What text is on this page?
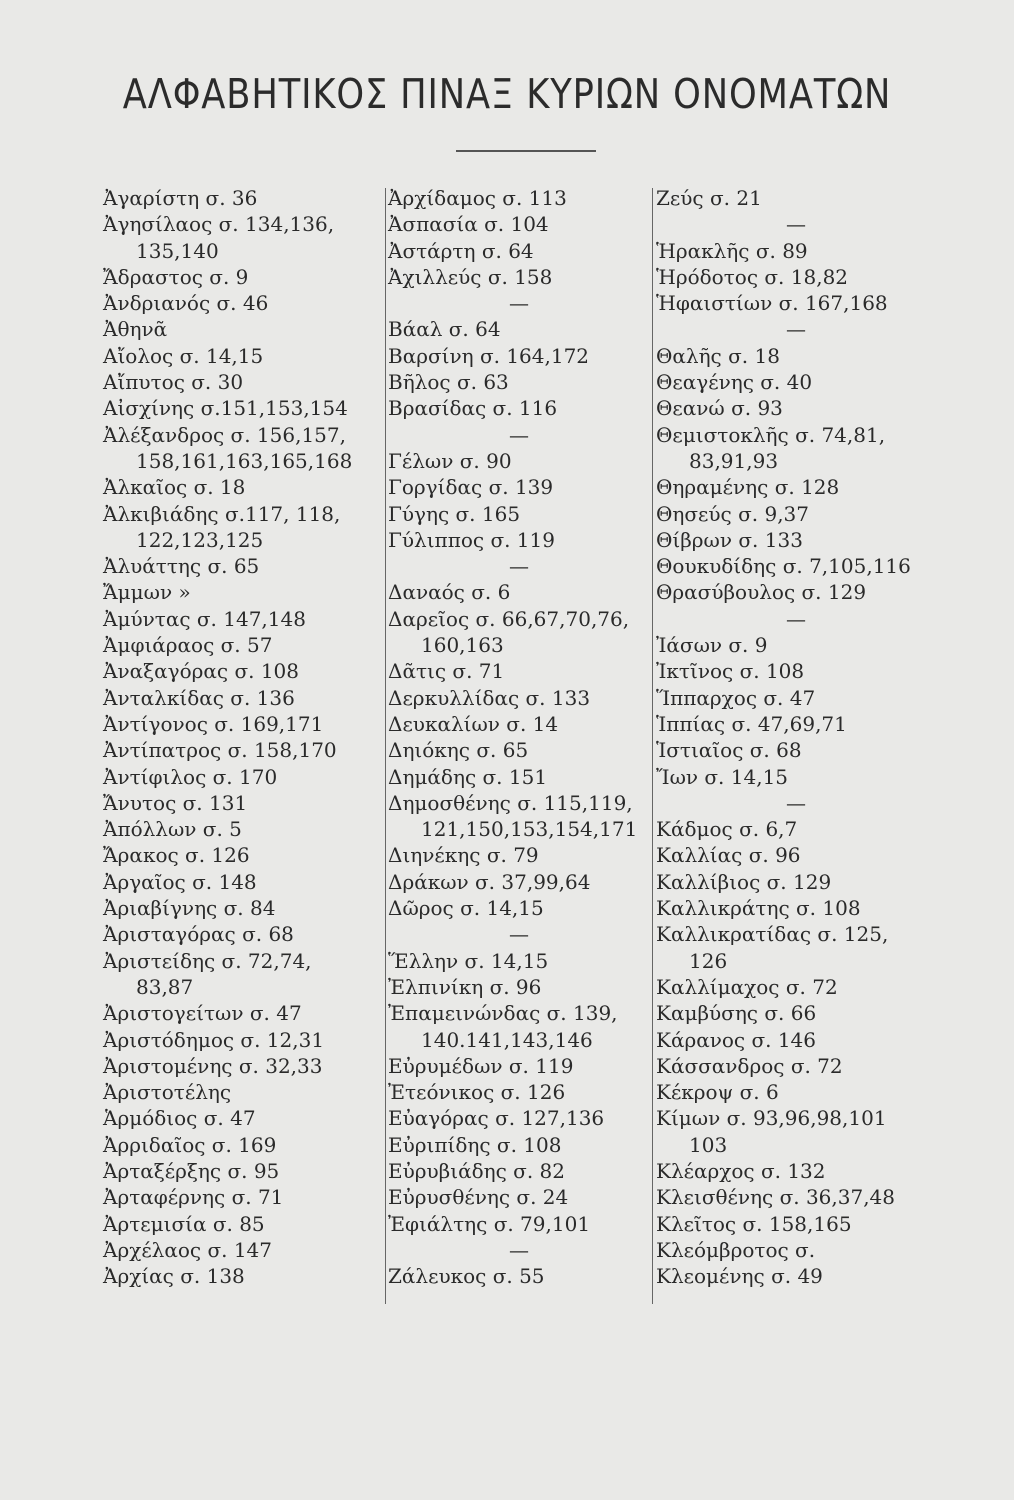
ΑΛΦΑΒΗΤΙΚΟΣ ΠΙΝΑΞ ΚΥΡΙΩΝ ΟΝΟΜΑΤΩΝ
Ἀγαρίστη σ. 36
Ἀγησίλαος σ. 134,136,
135,140
Ἄδραστος σ. 9
Ἀνδριανός σ. 46
Ἀθηνᾶ
Αἴολος σ. 14,15
Αἴπυτος σ. 30
Αἰσχίνης σ.151,153,154
Ἀλέξανδρος σ. 156,157,
158,161,163,165,168
Ἀλκαῖος σ. 18
Ἀλκιβιάδης σ.117, 118,
122,123,125
Ἀλυάττης σ. 65
Ἄμμων »
Ἀμύντας σ. 147,148
Ἀμφιάραος σ. 57
Ἀναξαγόρας σ. 108
Ἀνταλκίδας σ. 136
Ἀντίγονος σ. 169,171
Ἀντίπατρος σ. 158,170
Ἀντίφιλος σ. 170
Ἄνυτος σ. 131
Ἀπόλλων σ. 5
Ἄρακος σ. 126
Ἀργαῖος σ. 148
Ἀριαβίγνης σ. 84
Ἀρισταγόρας σ. 68
Ἀριστείδης σ. 72,74,
83,87
Ἀριστογείτων σ. 47
Ἀριστόδημος σ. 12,31
Ἀριστομένης σ. 32,33
Ἀριστοτέλης
Ἁρμόδιος σ. 47
Ἀρριδαῖος σ. 169
Ἀρταξέρξης σ. 95
Ἀρταφέρνης σ. 71
Ἀρτεμισία σ. 85
Ἀρχέλαος σ. 147
Ἀρχίας σ. 138
Ἀρχίδαμος σ. 113
Ἀσπασία σ. 104
Ἀστάρτη σ. 64
Ἀχιλλεύς σ. 158
—
Βάαλ σ. 64
Βαρσίνη σ. 164,172
Βῆλος σ. 63
Βρασίδας σ. 116
—
Γέλων σ. 90
Γοργίδας σ. 139
Γύγης σ. 165
Γύλιππος σ. 119
—
Δαναός σ. 6
Δαρεῖος σ. 66,67,70,76,
160,163
Δᾶτις σ. 71
Δερκυλλίδας σ. 133
Δευκαλίων σ. 14
Δηιόκης σ. 65
Δημάδης σ. 151
Δημοσθένης σ. 115,119,
121,150,153,154,171
Διηνέκης σ. 79
Δράκων σ. 37,99,64
Δῶρος σ. 14,15
—
Ἕλλην σ. 14,15
Ἐλπινίκη σ. 96
Ἐπαμεινώνδας σ. 139,
140.141,143,146
Εὐρυμέδων σ. 119
Ἐτεόνικος σ. 126
Εὐαγόρας σ. 127,136
Εὐριπίδης σ. 108
Εὐρυβιάδης σ. 82
Εὐρυσθένης σ. 24
Ἐφιάλτης σ. 79,101
—
Ζάλευκος σ. 55
Ζεύς σ. 21
—
Ἡρακλῆς σ. 89
Ἡρόδοτος σ. 18,82
Ἡφαιστίων σ. 167,168
—
Θαλῆς σ. 18
Θεαγένης σ. 40
Θεανώ σ. 93
Θεμιστοκλῆς σ. 74,81,
83,91,93
Θηραμένης σ. 128
Θησεύς σ. 9,37
Θίβρων σ. 133
Θουκυδίδης σ. 7,105,116
Θρασύβουλος σ. 129
—
Ἰάσων σ. 9
Ἰκτῖνος σ. 108
Ἵππαρχος σ. 47
Ἱππίας σ. 47,69,71
Ἱστιαῖος σ. 68
Ἴων σ. 14,15
—
Κάδμος σ. 6,7
Καλλίας σ. 96
Καλλίβιος σ. 129
Καλλικράτης σ. 108
Καλλικρατίδας σ. 125,
126
Καλλίμαχος σ. 72
Καμβύσης σ. 66
Κάρανος σ. 146
Κάσσανδρος σ. 72
Κέκροψ σ. 6
Κίμων σ. 93,96,98,101
103
Κλέαρχος σ. 132
Κλεισθένης σ. 36,37,48
Κλεῖτος σ. 158,165
Κλεόμβροτος σ.
Κλεομένης σ. 49
